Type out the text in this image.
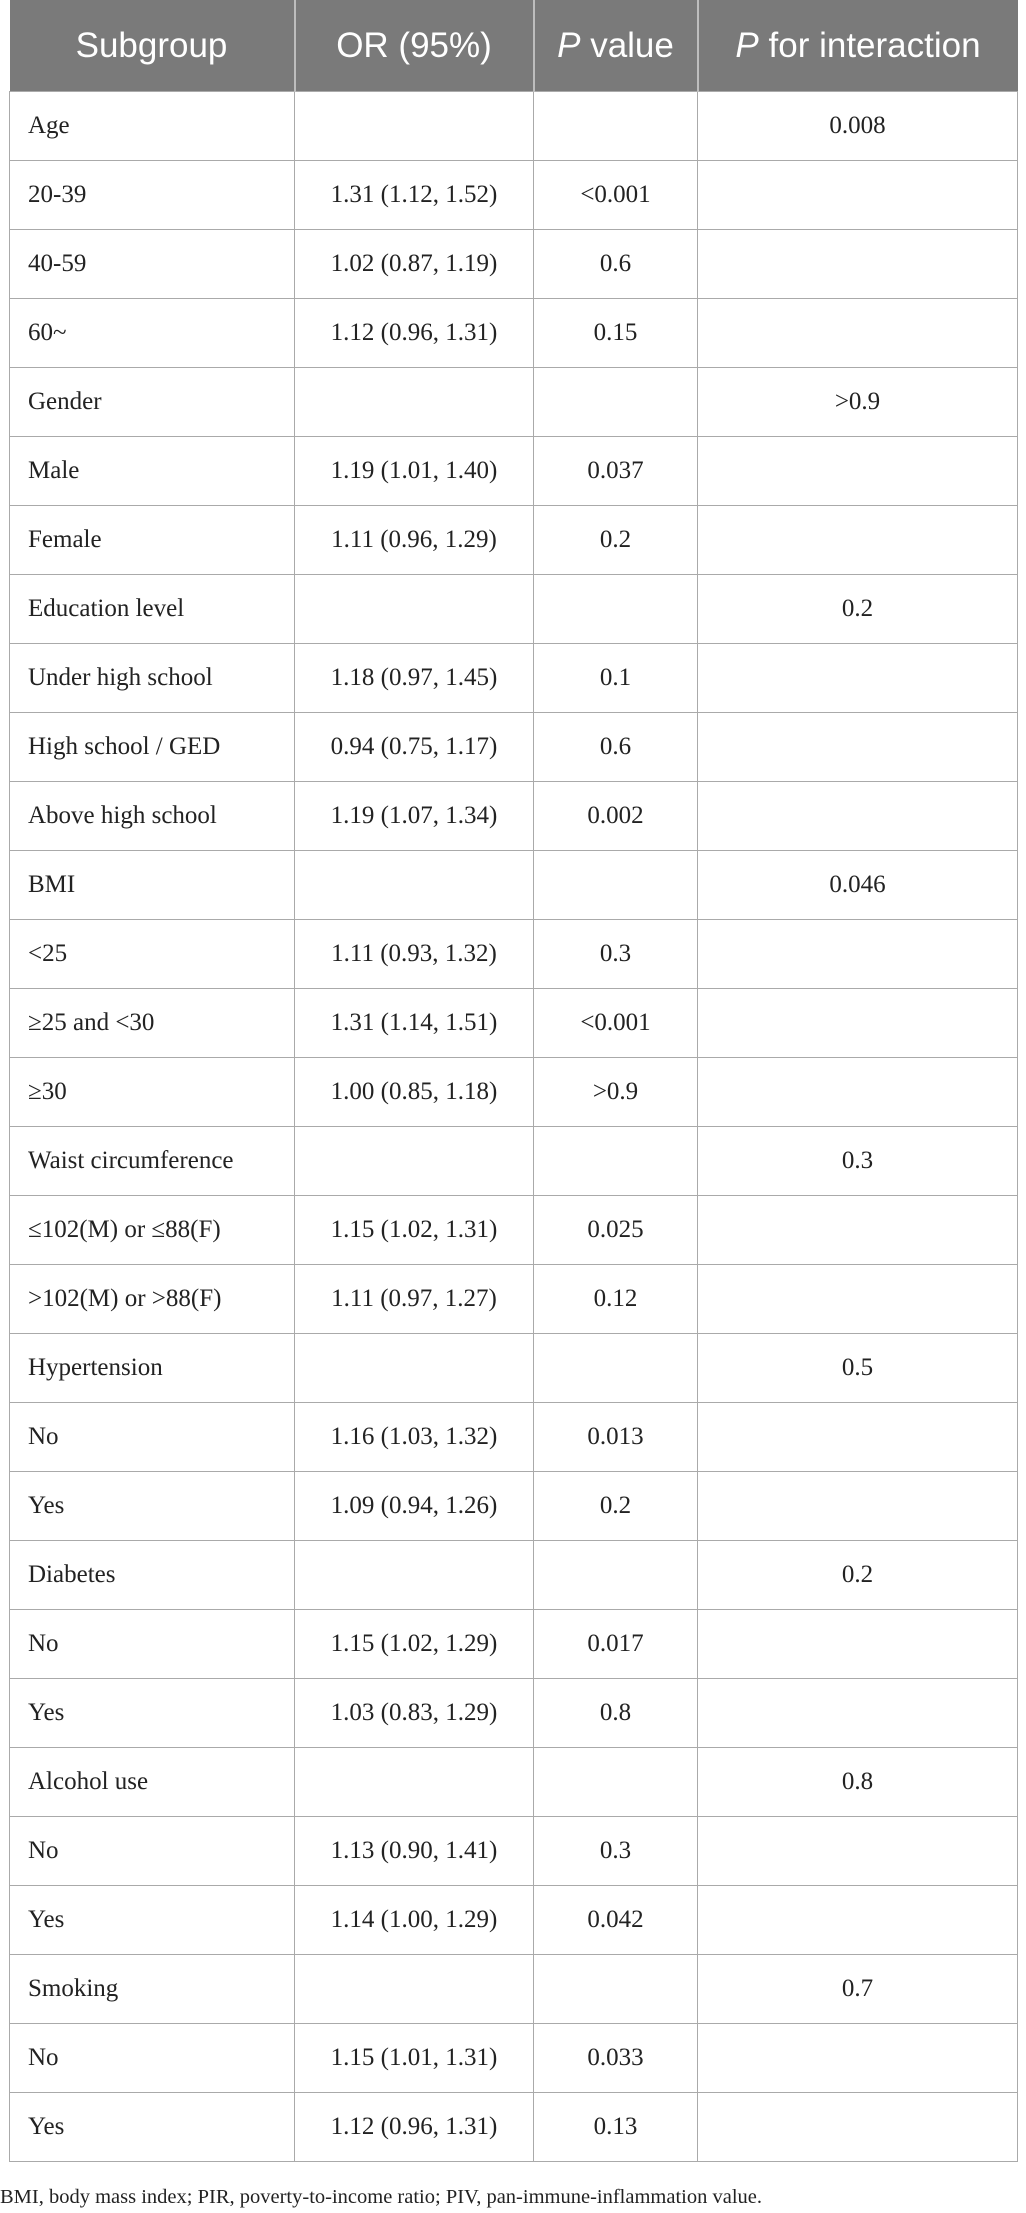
Subgroup	OR (95%)	P value	P for interaction
Age			0.008
20-39	1.31 (1.12, 1.52)	<0.001	
40-59	1.02 (0.87, 1.19)	0.6	
60~	1.12 (0.96, 1.31)	0.15	
Gender			>0.9
Male	1.19 (1.01, 1.40)	0.037	
Female	1.11 (0.96, 1.29)	0.2	
Education level			0.2
Under high school	1.18 (0.97, 1.45)	0.1	
High school / GED	0.94 (0.75, 1.17)	0.6	
Above high school	1.19 (1.07, 1.34)	0.002	
BMI			0.046
<25	1.11 (0.93, 1.32)	0.3	
≥25 and <30	1.31 (1.14, 1.51)	<0.001	
≥30	1.00 (0.85, 1.18)	>0.9	
Waist circumference			0.3
≤102(M) or ≤88(F)	1.15 (1.02, 1.31)	0.025	
>102(M) or >88(F)	1.11 (0.97, 1.27)	0.12	
Hypertension			0.5
No	1.16 (1.03, 1.32)	0.013	
Yes	1.09 (0.94, 1.26)	0.2	
Diabetes			0.2
No	1.15 (1.02, 1.29)	0.017	
Yes	1.03 (0.83, 1.29)	0.8	
Alcohol use			0.8
No	1.13 (0.90, 1.41)	0.3	
Yes	1.14 (1.00, 1.29)	0.042	
Smoking			0.7
No	1.15 (1.01, 1.31)	0.033	
Yes	1.12 (0.96, 1.31)	0.13	
BMI, body mass index; PIR, poverty-to-income ratio; PIV, pan-immune-inflammation value.
